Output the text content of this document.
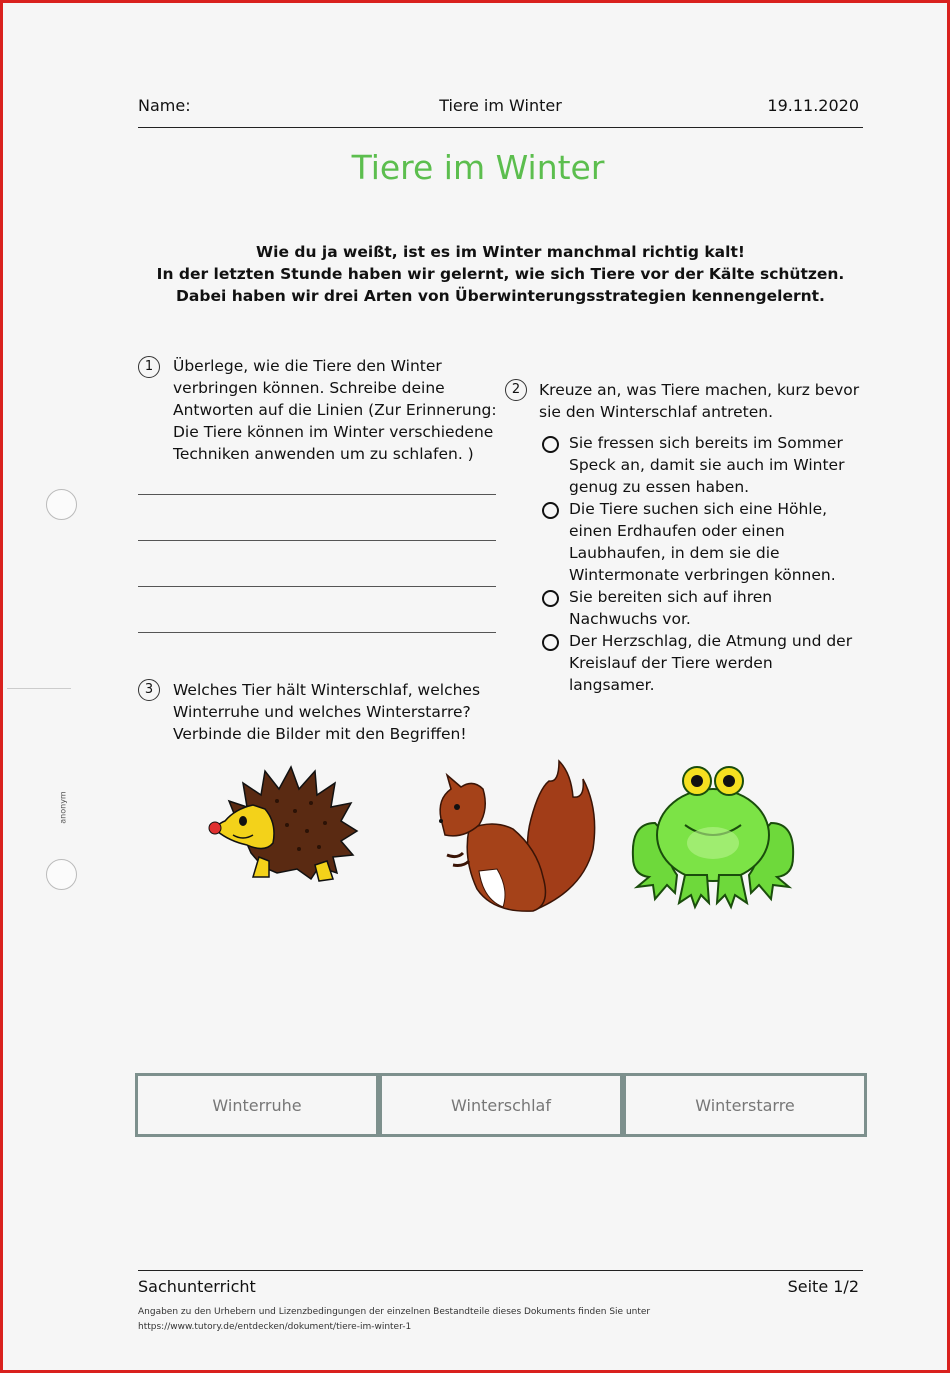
Name:	Tiere im Winter	19.11.2020
Tiere im Winter
Wie du ja weißt, ist es im Winter manchmal richtig kalt!
In der letzten Stunde haben wir gelernt, wie sich Tiere vor der Kälte schützen.
Dabei haben wir drei Arten von Überwinterungsstrategien kennengelernt.
anonym
1	Überlege, wie die Tiere den Winter
verbringen können. Schreibe deine
Antworten auf die Linien (Zur Erinnerung:
Die Tiere können im Winter verschiedene
Techniken anwenden um zu schlafen. )
2	Kreuze an, was Tiere machen, kurz bevor
sie den Winterschlaf antreten.
Sie fressen sich bereits im Sommer
Speck an, damit sie auch im Winter
genug zu essen haben.
Die Tiere suchen sich eine Höhle,
einen Erdhaufen oder einen
Laubhaufen, in dem sie die
Wintermonate verbringen können.
Sie bereiten sich auf ihren
Nachwuchs vor.
Der Herzschlag, die Atmung und der
Kreislauf der Tiere werden
langsamer.
3	Welches Tier hält Winterschlaf, welches
Winterruhe und welches Winterstarre?
Verbinde die Bilder mit den Begriffen!
Winterruhe	Winterschlaf	Winterstarre
Sachunterricht	Seite 1/2
Angaben zu den Urhebern und Lizenzbedingungen der einzelnen Bestandteile dieses Dokuments finden Sie unter
https://www.tutory.de/entdecken/dokument/tiere-im-winter-1
